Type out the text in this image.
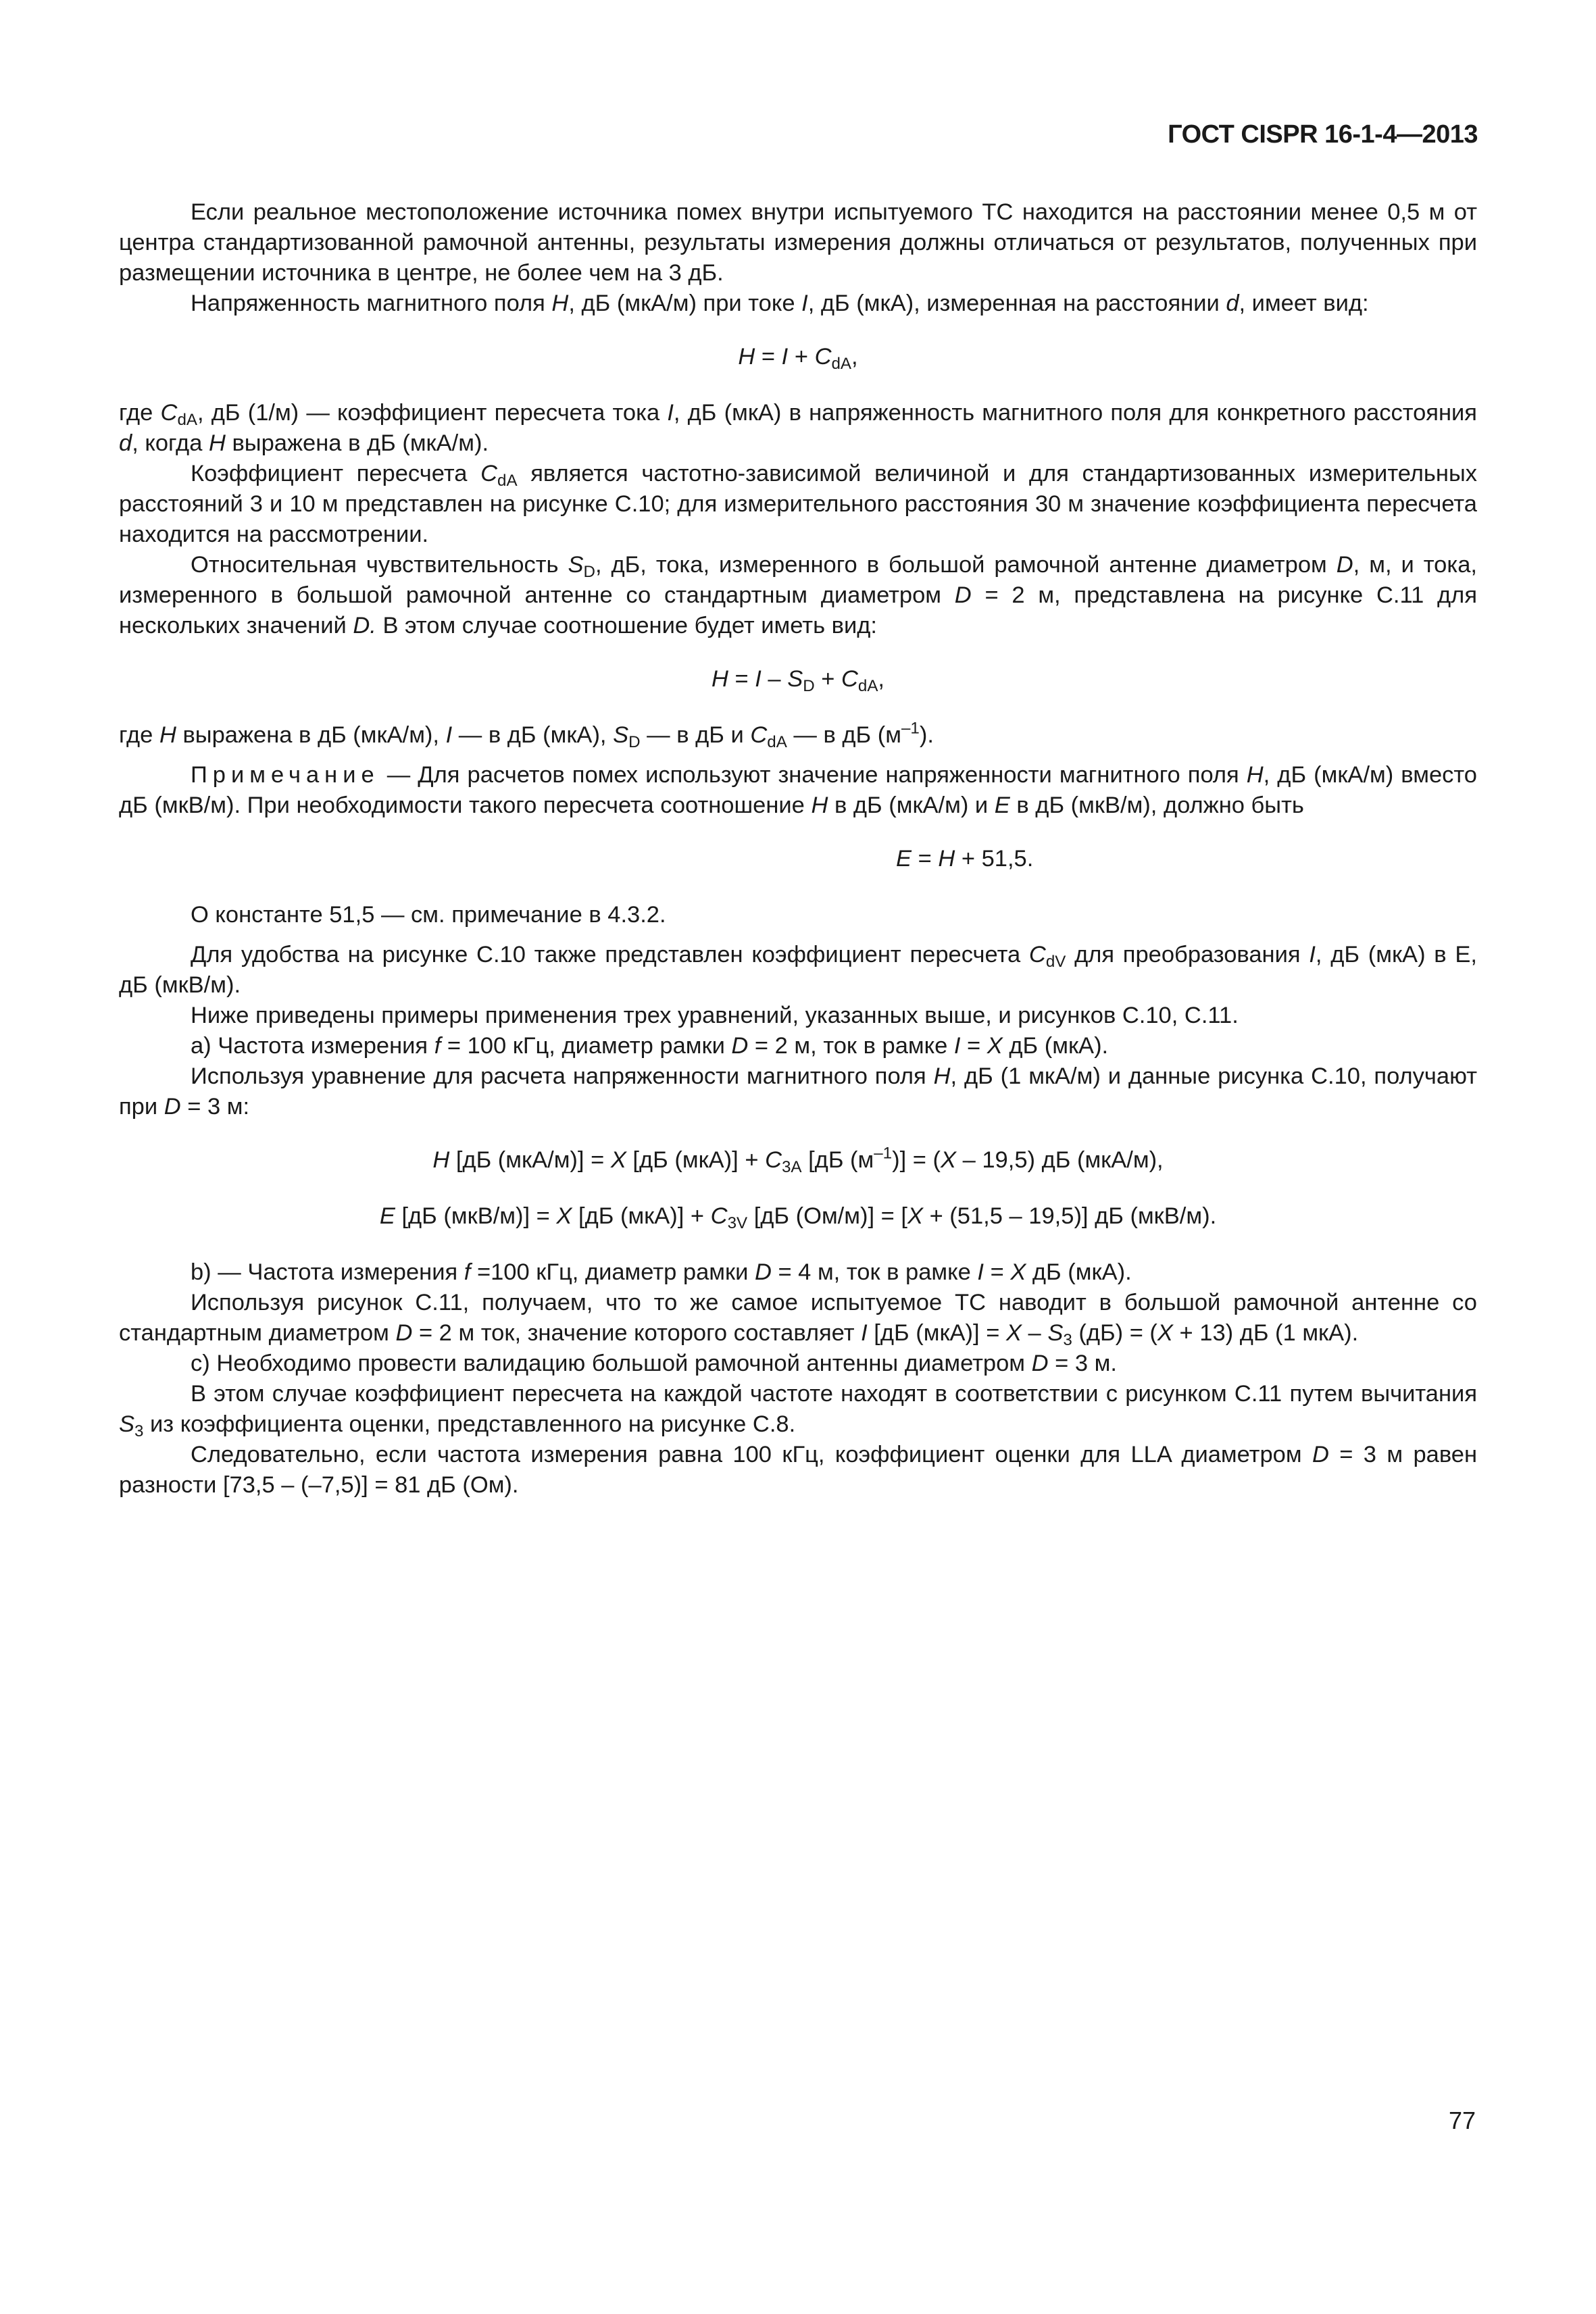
ГОСТ CISPR 16-1-4—2013

Если реальное местоположение источника помех внутри испытуемого ТС находится на расстоянии менее 0,5 м от центра стандартизованной рамочной антенны, результаты измерения должны отличаться от результатов, полученных при размещении источника в центре, не более чем на 3 дБ.

Напряженность магнитного поля H, дБ (мкА/м) при токе I, дБ (мкА), измеренная на расстоянии d, имеет вид:

$H = I + C_{dA}$,

где $C_{dA}$, дБ (1/м) — коэффициент пересчета тока I, дБ (мкА) в напряженность магнитного поля для конкретного расстояния d, когда H выражена в дБ (мкА/м).

Коэффициент пересчета $C_{dA}$ является частотно-зависимой величиной и для стандартизованных измерительных расстояний 3 и 10 м представлен на рисунке С.10; для измерительного расстояния 30 м значение коэффициента пересчета находится на рассмотрении.

Относительная чувствительность $S_D$, дБ, тока, измеренного в большой рамочной антенне диаметром D, м, и тока, измеренного в большой рамочной антенне со стандартным диаметром D = 2 м, представлена на рисунке С.11 для нескольких значений D. В этом случае соотношение будет иметь вид:

$H = I - S_D + C_{dA}$,

где H выражена в дБ (мкА/м), I — в дБ (мкА), $S_D$ — в дБ и $C_{dA}$ — в дБ $(м^{-1})$.

Примечание — Для расчетов помех используют значение напряженности магнитного поля H, дБ (мкА/м) вместо дБ (мкВ/м). При необходимости такого пересчета соотношение H в дБ (мкА/м) и E в дБ (мкВ/м), должно быть

E = H + 51,5.

О константе 51,5 — см. примечание в 4.3.2.

Для удобства на рисунке С.10 также представлен коэффициент пересчета $C_{dV}$ для преобразования I, дБ (мкА) в Е, дБ (мкВ/м).

Ниже приведены примеры применения трех уравнений, указанных выше, и рисунков С.10, С.11.

а) Частота измерения f = 100 кГц, диаметр рамки D = 2 м, ток в рамке I = X дБ (мкА).

Используя уравнение для расчета напряженности магнитного поля H, дБ (1 мкА/м) и данные рисунка С.10, получают при D = 3 м:

H [дБ (мкА/м)] = X [дБ $(мкА)] + C_{3A}$ [дБ $(м^{-1})] = (X - 19,5)$ дБ (мкА/м),
E [дБ (мкВ/м)] = X [дБ $(мкА)] + C_{3V}$ [дБ (Ом/м)] = [X + (51,5 – 19,5)] дБ (мкВ/м).

b) — Частота измерения f =100 кГц, диаметр рамки D = 4 м, ток в рамке I = X дБ (мкА).

Используя рисунок С.11, получаем, что то же самое испытуемое ТС наводит в большой рамочной антенне со стандартным диаметром D = 2 м ток, значение которого составляет I [дБ $(мкА)] = X - S_3$ (дБ) = (X + 13) дБ (1 мкА).

с) Необходимо провести валидацию большой рамочной антенны диаметром D = 3 м.

В этом случае коэффициент пересчета на каждой частоте находят в соответствии с рисунком С.11 путем вычитания $S_3$ из коэффициента оценки, представленного на рисунке С.8.

Следовательно, если частота измерения равна 100 кГц, коэффициент оценки для LLA диаметром D = 3 м равен разности [73,5 – (–7,5)] = 81 дБ (Ом).

77
